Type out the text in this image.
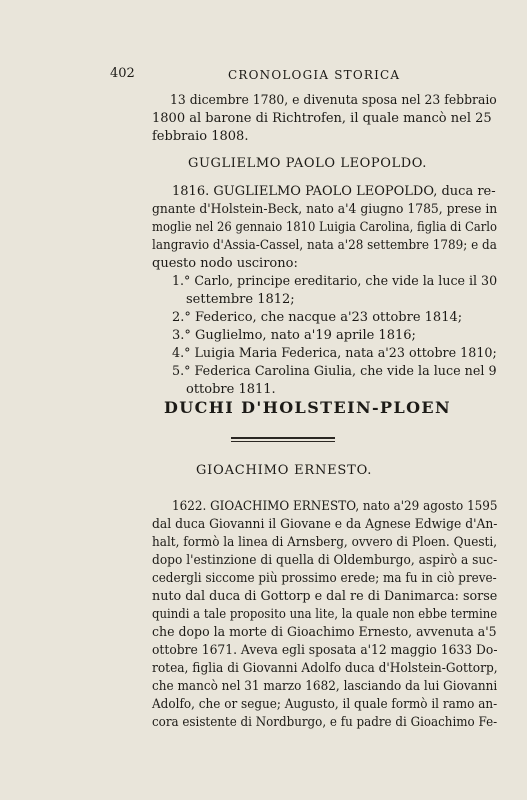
402	CRONOLOGIA STORICA
13 dicembre 1780, e divenuta sposa nel 23 febbraio
1800 al barone di Richtrofen, il quale mancò nel 25
febbraio 1808.
GUGLIELMO PAOLO LEOPOLDO.
1816. GUGLIELMO PAOLO LEOPOLDO, duca re-
gnante d'Holstein-Beck, nato a'4 giugno 1785, prese in
moglie nel 26 gennaio 1810 Luigia Carolina, figlia di Carlo
langravio d'Assia-Cassel, nata a'28 settembre 1789; e da
questo nodo uscirono:
1.° Carlo, principe ereditario, che vide la luce il 30
settembre 1812;
2.° Federico, che nacque a'23 ottobre 1814;
3.° Guglielmo, nato a'19 aprile 1816;
4.° Luigia Maria Federica, nata a'23 ottobre 1810;
5.° Federica Carolina Giulia, che vide la luce nel 9
ottobre 1811.
DUCHI D'HOLSTEIN-PLOEN
GIOACHIMO ERNESTO.
1622. GIOACHIMO ERNESTO, nato a'29 agosto 1595
dal duca Giovanni il Giovane e da Agnese Edwige d'An-
halt, formò la linea di Arnsberg, ovvero di Ploen. Questi,
dopo l'estinzione di quella di Oldemburgo, aspirò a suc-
cedergli siccome più prossimo erede; ma fu in ciò preve-
nuto dal duca di Gottorp e dal re di Danimarca: sorse
quindi a tale proposito una lite, la quale non ebbe termine
che dopo la morte di Gioachimo Ernesto, avvenuta a'5
ottobre 1671. Aveva egli sposata a'12 maggio 1633 Do-
rotea, figlia di Giovanni Adolfo duca d'Holstein-Gottorp,
che mancò nel 31 marzo 1682, lasciando da lui Giovanni
Adolfo, che or segue; Augusto, il quale formò il ramo an-
cora esistente di Nordburgo, e fu padre di Gioachimo Fe-
